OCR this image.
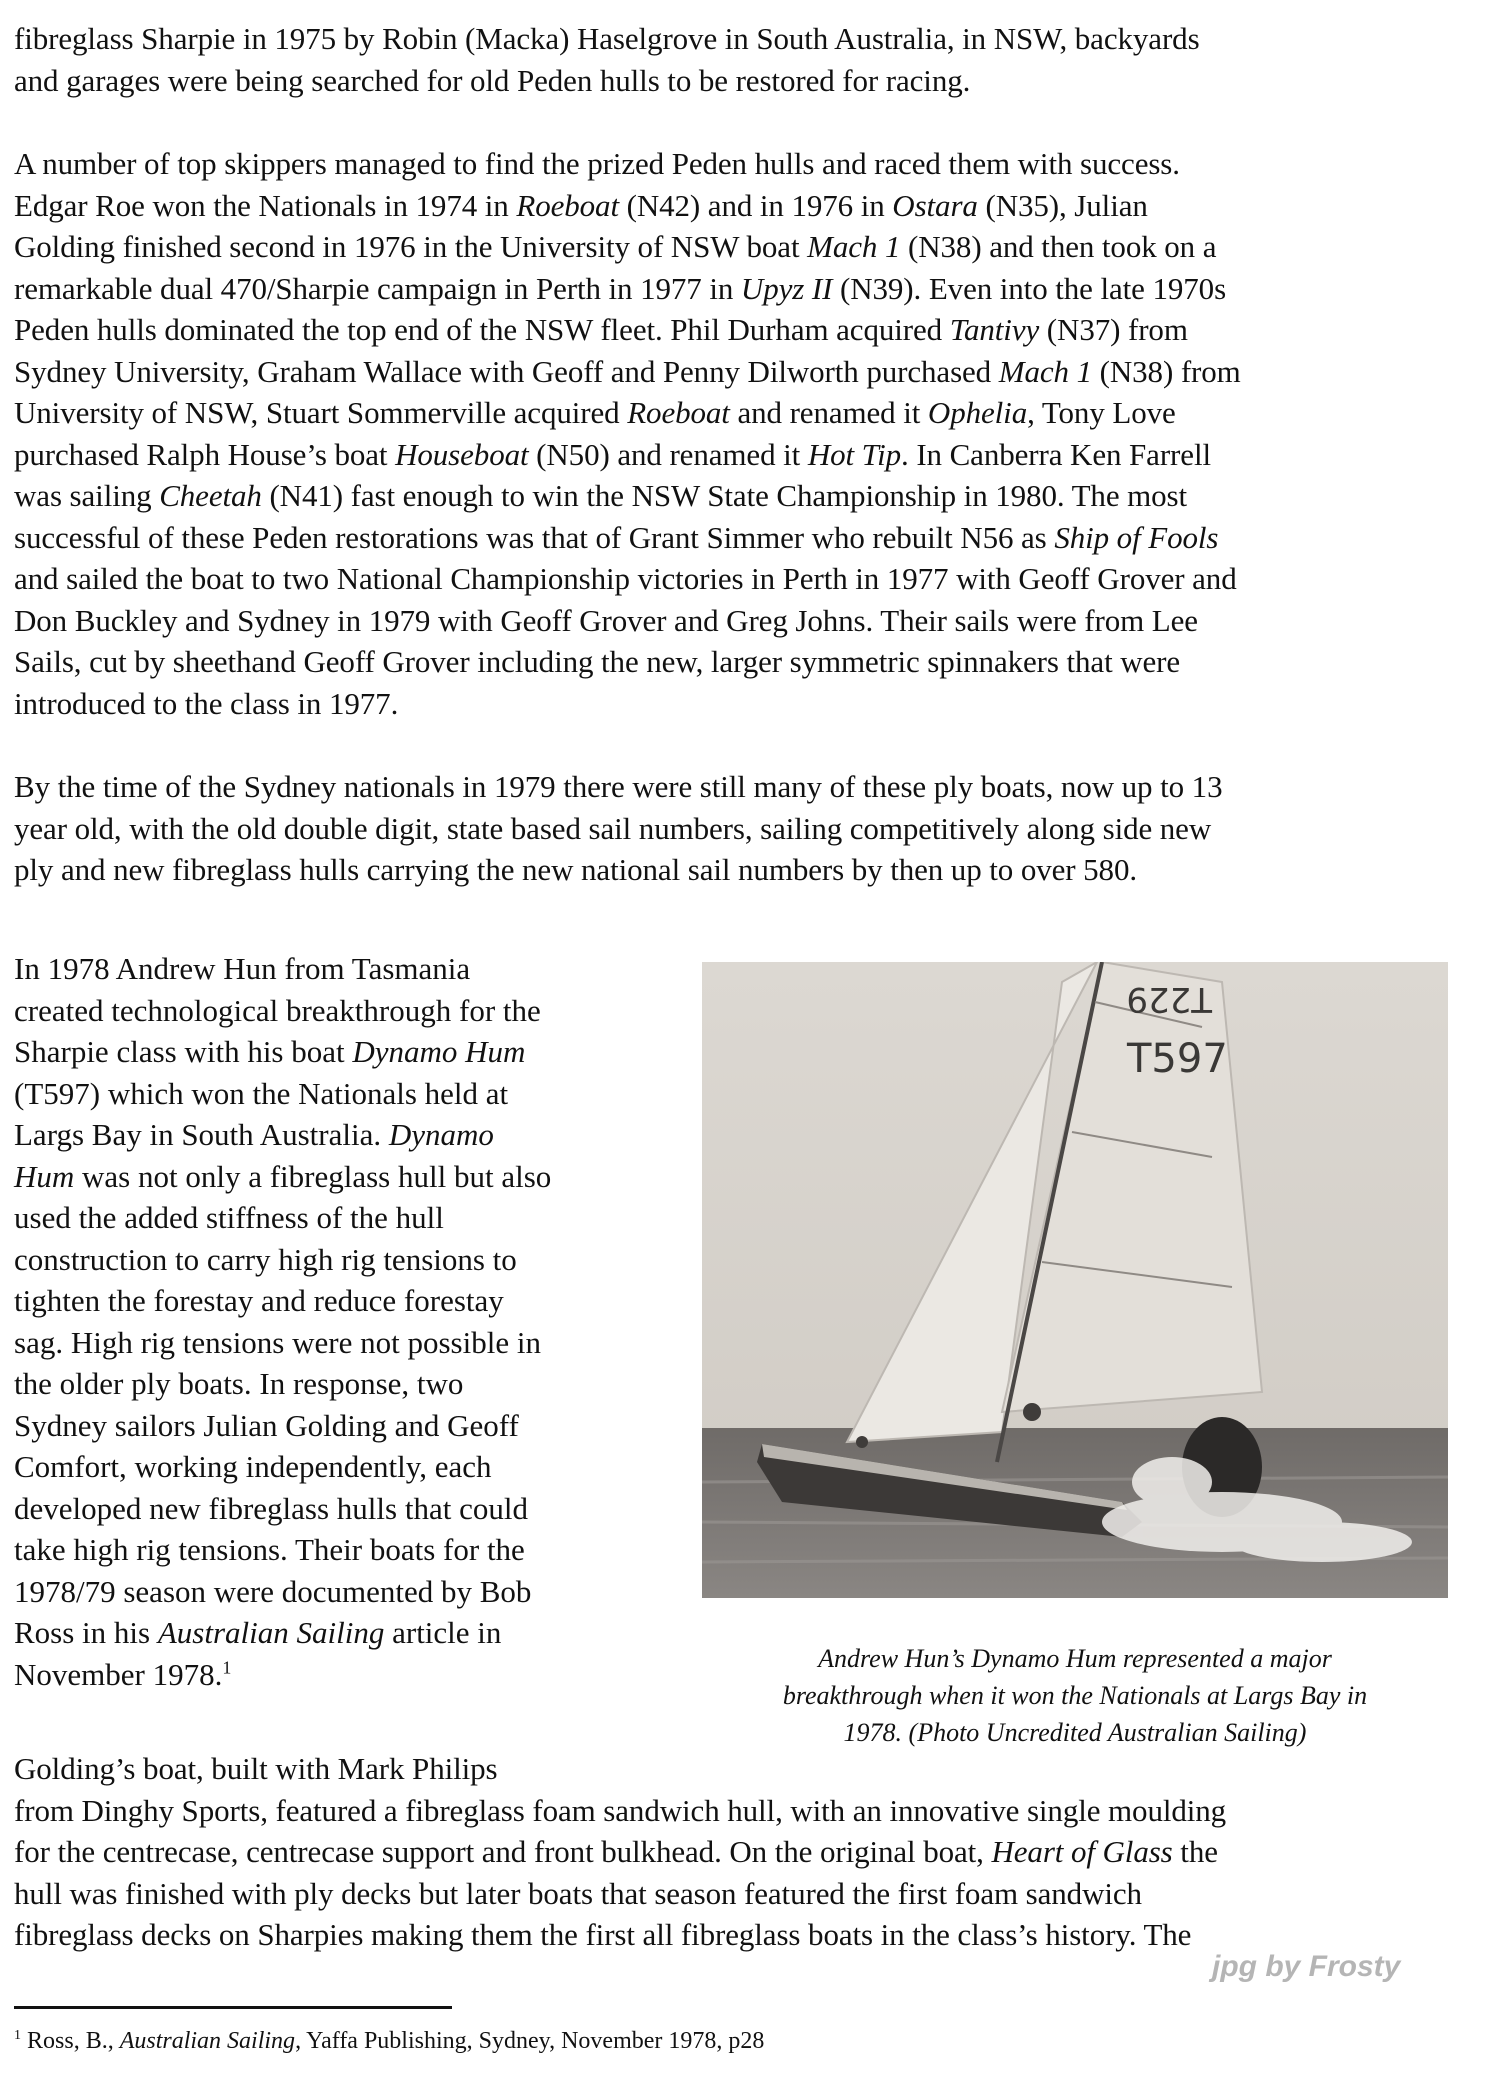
fibreglass Sharpie in 1975 by Robin (Macka) Haselgrove in South Australia, in NSW, backyards
and garages were being searched for old Peden hulls to be restored for racing.
A number of top skippers managed to find the prized Peden hulls and raced them with success.
Edgar Roe won the Nationals in 1974 in Roeboat (N42) and in 1976 in Ostara (N35), Julian
Golding finished second in 1976 in the University of NSW boat Mach 1 (N38) and then took on a
remarkable dual 470/Sharpie campaign in Perth in 1977 in Upyz II (N39). Even into the late 1970s
Peden hulls dominated the top end of the NSW fleet. Phil Durham acquired Tantivy (N37) from
Sydney University, Graham Wallace with Geoff and Penny Dilworth purchased Mach 1 (N38) from
University of NSW, Stuart Sommerville acquired Roeboat and renamed it Ophelia, Tony Love
purchased Ralph House’s boat Houseboat (N50) and renamed it Hot Tip. In Canberra Ken Farrell
was sailing Cheetah (N41) fast enough to win the NSW State Championship in 1980. The most
successful of these Peden restorations was that of Grant Simmer who rebuilt N56 as Ship of Fools
and sailed the boat to two National Championship victories in Perth in 1977 with Geoff Grover and
Don Buckley and Sydney in 1979 with Geoff Grover and Greg Johns. Their sails were from Lee
Sails, cut by sheethand Geoff Grover including the new, larger symmetric spinnakers that were
introduced to the class in 1977.
By the time of the Sydney nationals in 1979 there were still many of these ply boats, now up to 13
year old, with the old double digit, state based sail numbers, sailing competitively along side new
ply and new fibreglass hulls carrying the new national sail numbers by then up to over 580.
In 1978 Andrew Hun from Tasmania
created technological breakthrough for the
Sharpie class with his boat Dynamo Hum
(T597) which won the Nationals held at
Largs Bay in South Australia. Dynamo
Hum was not only a fibreglass hull but also
used the added stiffness of the hull
construction to carry high rig tensions to
tighten the forestay and reduce forestay
sag. High rig tensions were not possible in
the older ply boats. In response, two
Sydney sailors Julian Golding and Geoff
Comfort, working independently, each
developed new fibreglass hulls that could
take high rig tensions. Their boats for the
1978/79 season were documented by Bob
Ross in his Australian Sailing article in
November 1978.$^1$
T229
T597
Andrew Hun’s Dynamo Hum represented a major
breakthrough when it won the Nationals at Largs Bay in
1978. (Photo Uncredited Australian Sailing)
Golding’s boat, built with Mark Philips
from Dinghy Sports, featured a fibreglass foam sandwich hull, with an innovative single moulding
for the centrecase, centrecase support and front bulkhead. On the original boat, Heart of Glass the
hull was finished with ply decks but later boats that season featured the first foam sandwich
fibreglass decks on Sharpies making them the first all fibreglass boats in the class’s history. The
jpg by Frosty
$^1$ Ross, B., Australian Sailing, Yaffa Publishing, Sydney, November 1978, p28
